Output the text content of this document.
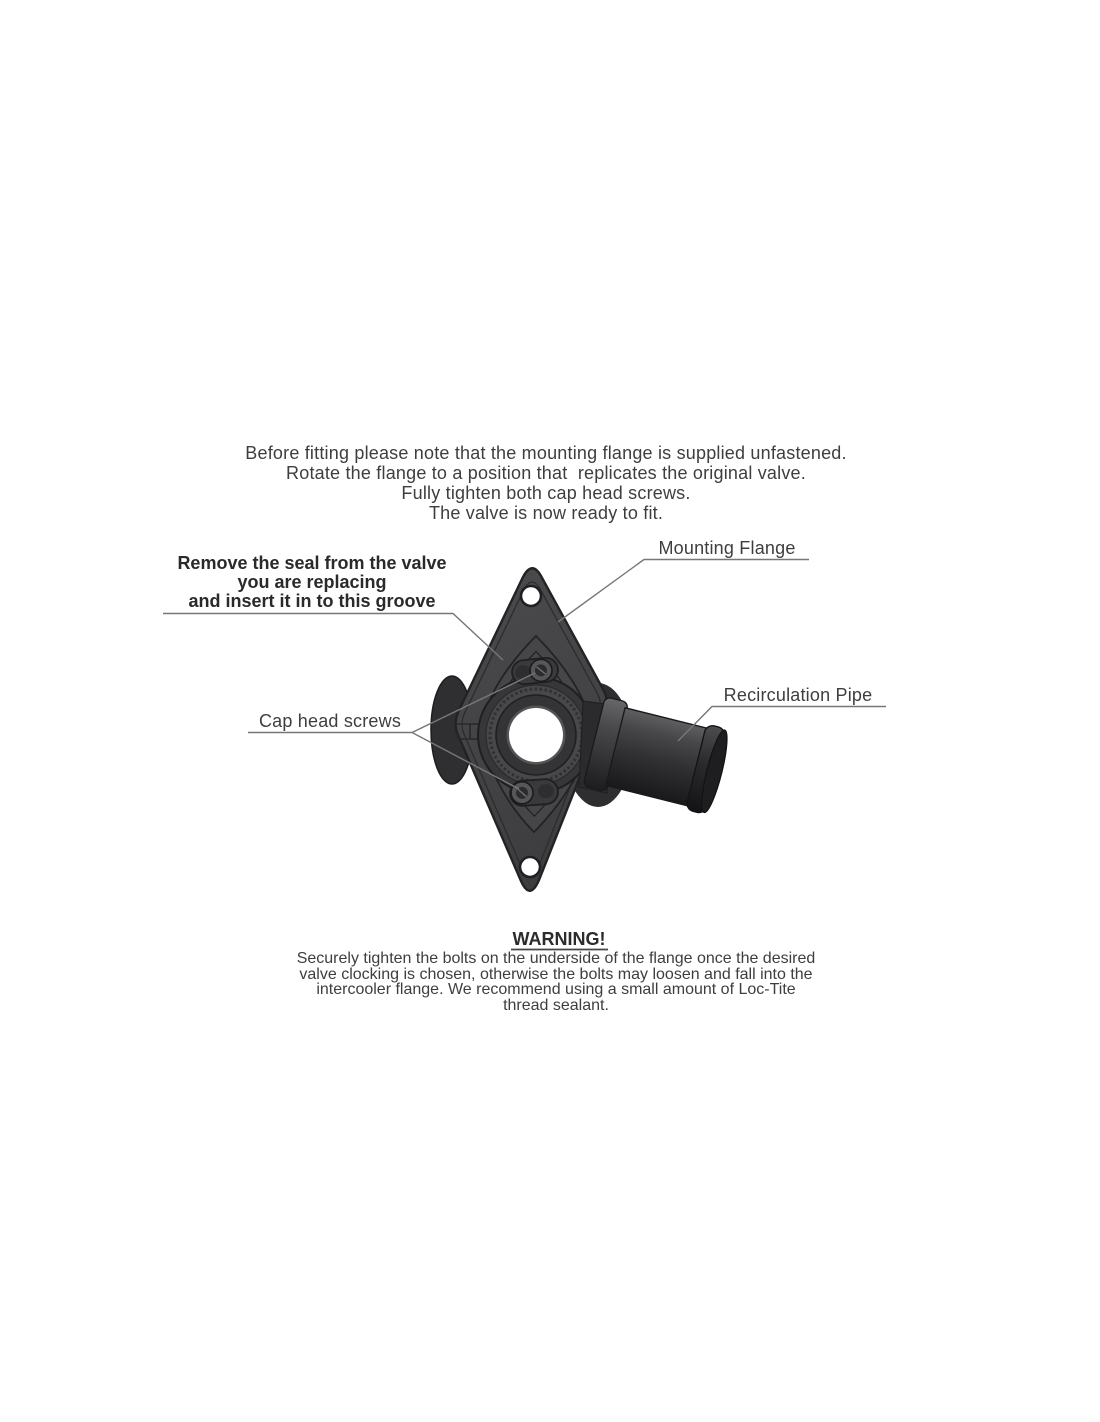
Before fitting please note that the mounting flange is supplied unfastened.
Rotate the flange to a position that  replicates the original valve.
Fully tighten both cap head screws.
The valve is now ready to fit.
Remove the seal from the valve
you are replacing
and insert it in to this groove
Mounting Flange
Recirculation Pipe
Cap head screws
WARNING!
Securely tighten the bolts on the underside of the flange once the desired
valve clocking is chosen, otherwise the bolts may loosen and fall into the
intercooler flange. We recommend using a small amount of Loc-Tite
thread sealant.
